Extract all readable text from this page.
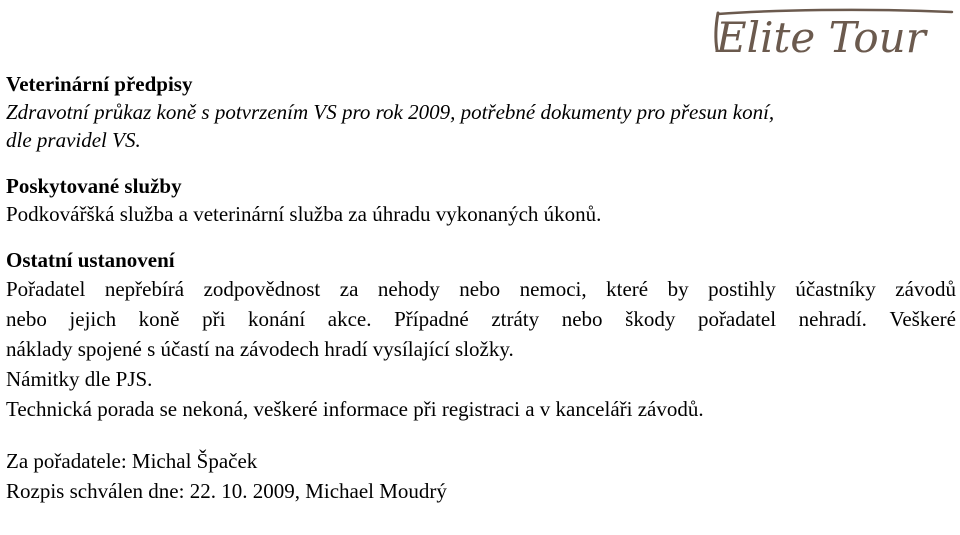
Elite Tour
Veterinární předpisy
Zdravotní průkaz koně s potvrzením VS pro rok 2009, potřebné dokumenty pro přesun koní,
dle pravidel VS.
Poskytované služby
Podkovářšká služba a veterinární služba za úhradu vykonaných úkonů.
Ostatní ustanovení
Pořadatel nepřebírá zodpovědnost za nehody nebo nemoci, které by postihly účastníky závodů
nebo jejich koně při konání akce. Případné ztráty nebo škody pořadatel nehradí. Veškeré
náklady spojené s účastí na závodech hradí vysílající složky.
Námitky dle PJS.
Technická porada se nekoná, veškeré informace při registraci a v kanceláři závodů.
Za pořadatele: Michal Špaček
Rozpis schválen dne: 22. 10. 2009, Michael Moudrý
